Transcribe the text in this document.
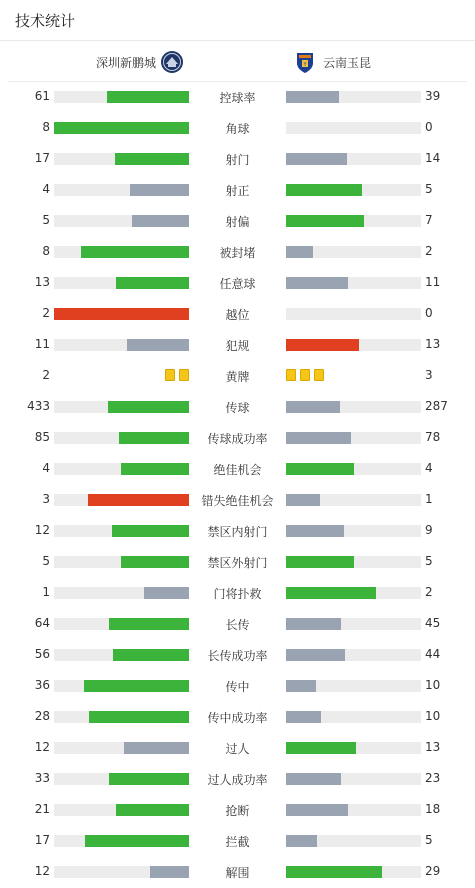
技术统计
深圳新鹏城	Y 云南玉昆
61	控球率	39
8	角球	0
17	射门	14
4	射正	5
5	射偏	7
8	被封堵	2
13	任意球	11
2	越位	0
11	犯规	13
2	黄牌	3
433	传球	287
85	传球成功率	78
4	绝佳机会	4
3	错失绝佳机会	1
12	禁区内射门	9
5	禁区外射门	5
1	门将扑救	2
64	长传	45
56	长传成功率	44
36	传中	10
28	传中成功率	10
12	过人	13
33	过人成功率	23
21	抢断	18
17	拦截	5
12	解围	29
